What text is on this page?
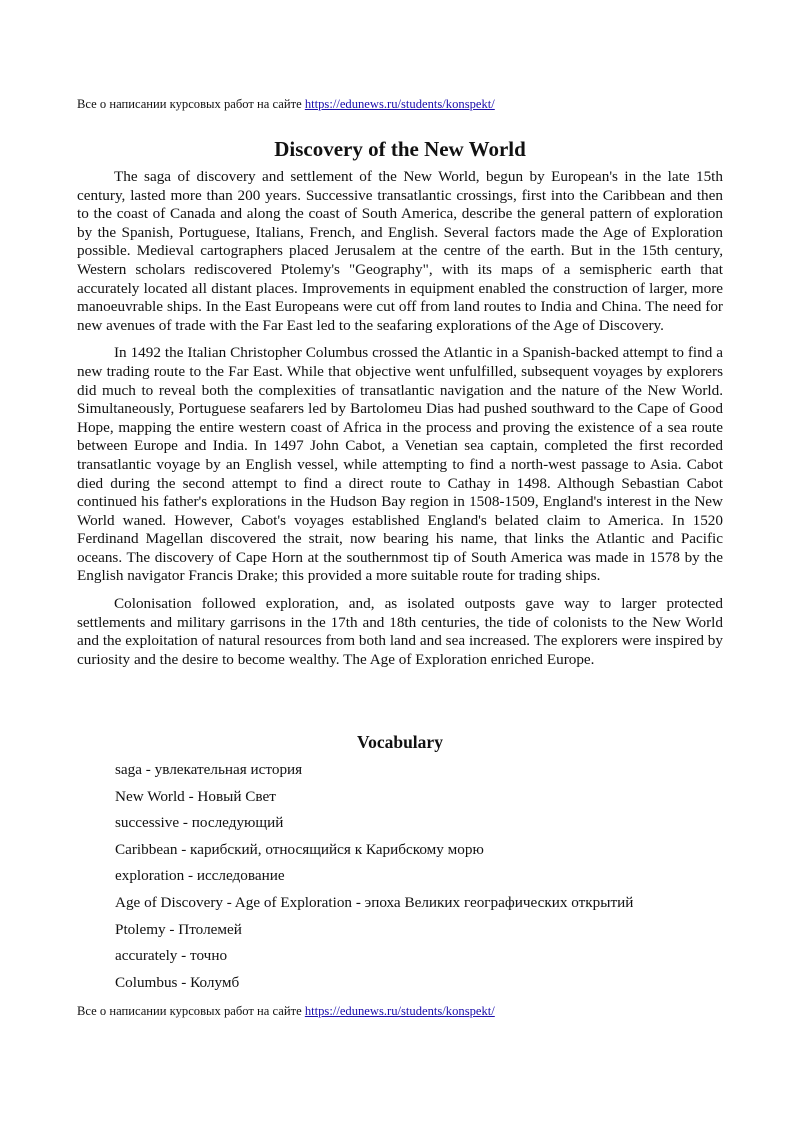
Все о написании курсовых работ на сайте https://edunews.ru/students/konspekt/
Discovery of the New World

The saga of discovery and settlement of the New World, begun by European's in the late 15th century, lasted more than 200 years. Successive transatlantic crossings, first into the Caribbean and then to the coast of Canada and along the coast of South America, describe the general pattern of exploration by the Spanish, Portuguese, Italians, French, and English. Several factors made the Age of Exploration possible. Medieval cartographers placed Jerusalem at the centre of the earth. But in the 15th century, Western scholars rediscovered Ptolemy's "Geography", with its maps of a semispheric earth that accurately located all distant places. Improvements in equipment enabled the construction of larger, more manoeuvrable ships. In the East Europeans were cut off from land routes to India and China. The need for new avenues of trade with the Far East led to the seafaring explorations of the Age of Discovery.

In 1492 the Italian Christopher Columbus crossed the Atlantic in a Spanish-backed attempt to find a new trading route to the Far East. While that objective went unfulfilled, subsequent voyages by explorers did much to reveal both the complexities of transatlantic navigation and the nature of the New World. Simultaneously, Portuguese seafarers led by Bartolomeu Dias had pushed southward to the Cape of Good Hope, mapping the entire western coast of Africa in the process and proving the existence of a sea route between Europe and India. In 1497 John Cabot, a Venetian sea captain, completed the first recorded transatlantic voyage by an English vessel, while attempting to find a north-west passage to Asia. Cabot died during the second attempt to find a direct route to Cathay in 1498. Although Sebastian Cabot continued his father's explorations in the Hudson Bay region in 1508-1509, England's interest in the New World waned. However, Cabot's voyages established England's belated claim to America. In 1520 Ferdinand Magellan discovered the strait, now bearing his name, that links the Atlantic and Pacific oceans. The discovery of Cape Horn at the southernmost tip of South America was made in 1578 by the English navigator Francis Drake; this provided a more suitable route for trading ships.

Colonisation followed exploration, and, as isolated outposts gave way to larger protected settlements and military garrisons in the 17th and 18th centuries, the tide of colonists to the New World and the exploitation of natural resources from both land and sea increased. The explorers were inspired by curiosity and the desire to become wealthy. The Age of Exploration enriched Europe.

Vocabulary
saga - увлекательная история
New World - Новый Свет
successive - последующий
Caribbean - карибский, относящийся к Карибскому морю
exploration - исследование
Age of Discovery - Age of Exploration - эпоха Великих географических открытий
Ptolemy - Птолемей
accurately - точно
Columbus - Колумб
Все о написании курсовых работ на сайте https://edunews.ru/students/konspekt/
